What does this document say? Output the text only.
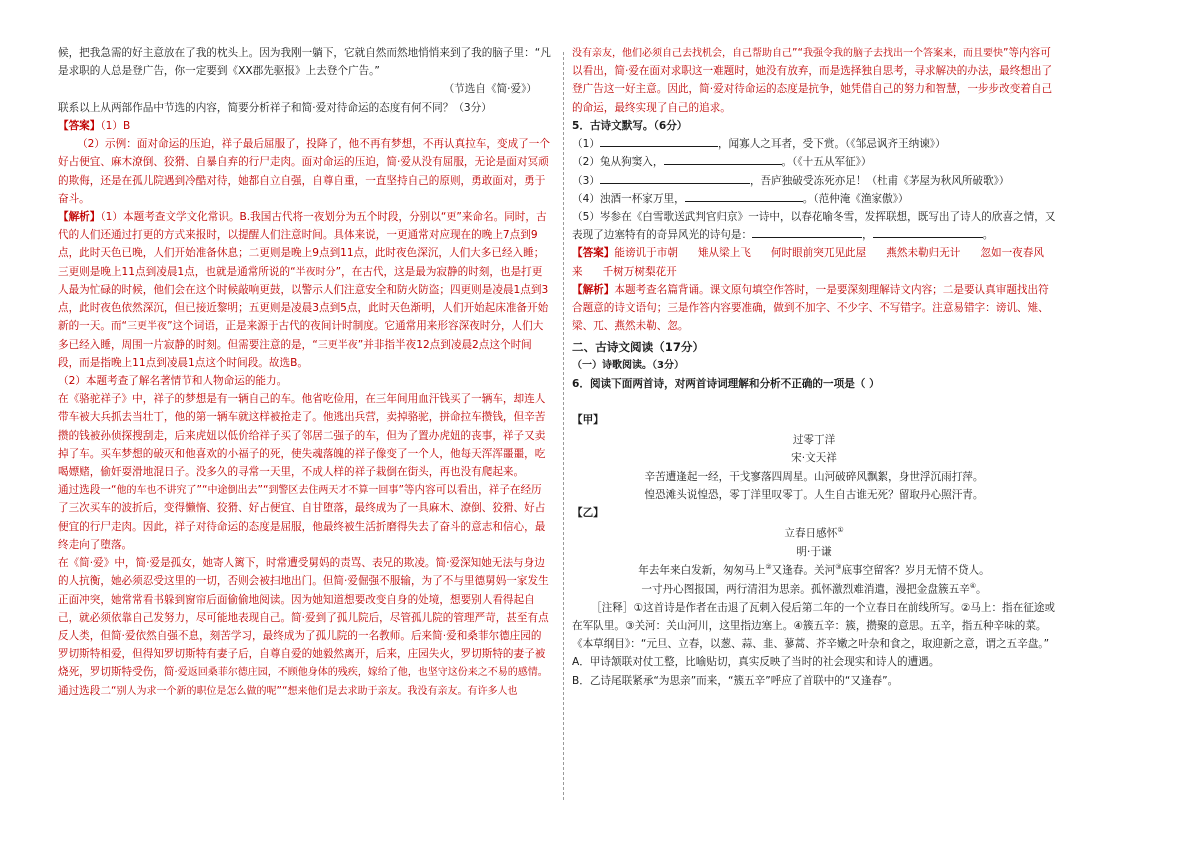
候，把我急需的好主意放在了我的枕头上。因为我刚一躺下，它就自然而然地悄悄来到了我的脑子里：“凡是求职的人总是登广告，你一定要到《XX郡先驱报》上去登个广告。”

（节选自《简·爱》）

联系以上从两部作品中节选的内容，简要分析祥子和简·爱对待命运的态度有何不同？（3分）

【答案】（1）B

（2）示例：面对命运的压迫，祥子最后屈服了，投降了，他不再有梦想，不再认真拉车，变成了一个好占便宜、麻木潦倒、狡猾、自暴自弃的行尸走肉。面对命运的压迫，简·爱从没有屈服，无论是面对冥顽的欺侮，还是在孤儿院遇到冷酷对待，她都自立自强，自尊自重，一直坚持自己的原则，勇敢面对，勇于奋斗。

【解析】（1）本题考查文学文化常识。B.我国古代将一夜划分为五个时段，分别以“更”来命名。同时，古代的人们还通过打更的方式来报时，以提醒人们注意时间。具体来说，一更通常对应现在的晚上7点到9点，此时天色已晚，人们开始准备休息；二更则是晚上9点到11点，此时夜色深沉，人们大多已经入睡；三更则是晚上11点到凌晨1点，也就是通常所说的“半夜时分”，在古代，这是最为寂静的时刻，也是打更人最为忙碌的时候，他们会在这个时候敲响更鼓，以警示人们注意安全和防火防盗；四更则是凌晨1点到3点，此时夜色依然深沉，但已接近黎明；五更则是凌晨3点到5点，此时天色渐明，人们开始起床准备开始新的一天。而“三更半夜”这个词语，正是来源于古代的夜间计时制度。它通常用来形容深夜时分，人们大多已经入睡，周围一片寂静的时刻。但需要注意的是，“三更半夜”并非指半夜12点到凌晨2点这个时间段，而是指晚上11点到凌晨1点这个时间段。故选B。

（2）本题考查了解名著情节和人物命运的能力。

在《骆驼祥子》中，祥子的梦想是有一辆自己的车。他省吃俭用，在三年间用血汗钱买了一辆车，却连人带车被大兵抓去当壮丁，他的第一辆车就这样被抢走了。他逃出兵营，卖掉骆驼，拼命拉车攒钱，但辛苦攒的钱被孙侦探搜刮走，后来虎妞以低价给祥子买了邻居二强子的车，但为了置办虎妞的丧事，祥子又卖掉了车。买车梦想的破灭和他喜欢的小福子的死，使失魂落魄的祥子像变了一个人，他每天浑浑噩噩，吃喝嫖赌，偷奸耍滑地混日子。没多久的寻常一天里，不成人样的祥子栽倒在街头，再也没有爬起来。

通过选段一“他的车也不讲究了”“中途倒出去”“到警区去住两天才不算一回事”等内容可以看出，祥子在经历了三次买车的波折后，变得懒惰、狡猾、好占便宜、自甘堕落，最终成为了一具麻木、潦倒、狡猾、好占便宜的行尸走肉。因此，祥子对待命运的态度是屈服，他最终被生活折磨得失去了奋斗的意志和信心，最终走向了堕落。

在《简·爱》中，简·爱是孤女，她寄人篱下，时常遭受舅妈的责骂、表兄的欺凌。简·爱深知她无法与身边的人抗衡，她必须忍受这里的一切，否则会被扫地出门。但简·爱倔强不服输，为了不与里德舅妈一家发生正面冲突，她常常看书躲到窗帘后面偷偷地阅读。因为她知道想要改变自身的处境，想要别人看得起自己，就必须依靠自己发努力，尽可能地表现自己。简·爱到了孤儿院后，尽管孤儿院的管理严苛，甚至有点反人类，但简·爱依然自强不息，刻苦学习，最终成为了孤儿院的一名教师。后来简·爱和桑菲尔德庄园的罗切斯特相爱，但得知罗切斯特有妻子后，自尊自爱的她毅然离开，后来，庄园失火，罗切斯特的妻子被烧死，罗切斯特受伤，简·爱返回桑菲尔德庄园，不顾他身体的残疾，嫁给了他，也坚守这份来之不易的感情。

通过选段二“别人为求一个新的职位是怎么做的呢”“想来他们是去求助于亲友。我没有亲友。有许多人也

没有亲友，他们必须自己去找机会，自己帮助自己”“我强令我的脑子去找出一个答案来，而且要快”等内容可以看出，简·爱在面对求职这一难题时，她没有放弃，而是选择独自思考，寻求解决的办法，最终想出了登广告这一好主意。因此，简·爱对待命运的态度是抗争，她凭借自己的努力和智慧，一步步改变着自己的命运，最终实现了自己的追求。

5．古诗文默写。（6分）

（1）	，闻寡人之耳者，受下赏。（《邹忌讽齐王纳谏》）

（2）兔从狗窦入，	。（《十五从军征》）

（3）	，吾庐独破受冻死亦足！（杜甫《茅屋为秋风所破歌》）

（4）浊酒一杯家万里，	。（范仲淹《渔家傲》）

（5）岑参在《白雪歌送武判官归京》一诗中，以春花喻冬雪，发挥联想，既写出了诗人的欣喜之情，又表现了边塞特有的奇异风光的诗句是：	，	。

【答案】能谤讥于市朝 雉从梁上飞 何时眼前突兀见此屋 燕然未勒归无计 忽如一夜春风来 千树万树梨花开

【解析】本题考查名篇背诵。课文原句填空作答时，一是要深刻理解诗文内容；二是要认真审题找出符合题意的诗文语句；三是作答内容要准确，做到不加字、不少字、不写错字。注意易错字：谤讥、雉、梁、兀、燕然未勒、忽。

二、古诗文阅读（17分）

（一）诗歌阅读。（3分）

6．阅读下面两首诗，对两首诗词理解和分析不正确的一项是（ ）

【甲】

过零丁洋

宋·文天祥

辛苦遭逢起一经，干戈寥落四周星。山河破碎风飘絮，身世浮沉雨打萍。

惶恐滩头说惶恐，零丁洋里叹零丁。人生自古谁无死？留取丹心照汗青。

【乙】

立春日感怀①

明·于谦

年去年来白发新，匆匆马上②又逢春。关河③底事空留客？岁月无情不贷人。

一寸丹心图报国，两行清泪为思亲。孤怀激烈难消遣，漫把金盘簇五辛④。

［注释］①这首诗是作者在击退了瓦剌入侵后第二年的一个立春日在前线所写。②马上：指在征途或在军队里。③关河：关山河川，这里指边塞上。④簇五辛：簇，攒聚的意思。五辛，指五种辛味的菜。《本草纲目》：“元旦、立春，以葱、蒜、韭、蓼蒿、芥辛嫩之叶杂和食之，取迎新之意，谓之五辛盘。”

A．甲诗颔联对仗工整，比喻贴切，真实反映了当时的社会现实和诗人的遭遇。

B．乙诗尾联紧承“为思亲”而来，“簇五辛”呼应了首联中的“又逢春”。
